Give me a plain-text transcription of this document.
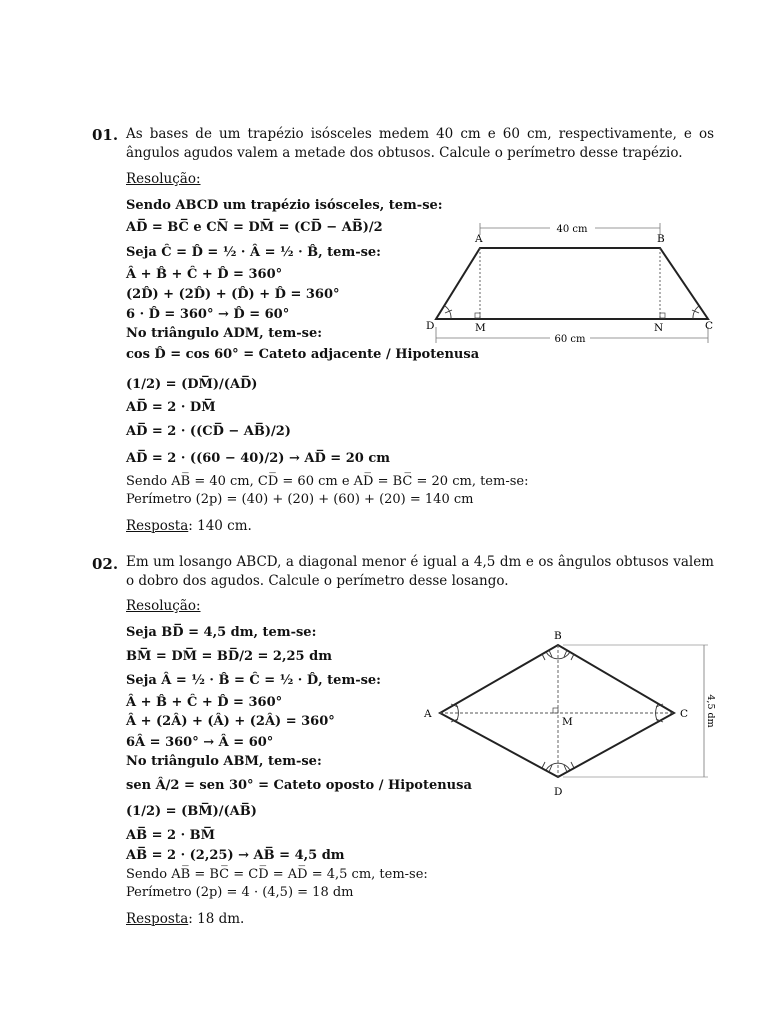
01. As bases de um trapézio isósceles medem 40 cm e 60 cm, respectivamente, e os ângulos agudos valem a metade dos obtusos. Calcule o perímetro desse trapézio.
Resolução:
Sendo ABCD um trapézio isósceles, tem-se:
AD̅ = BC̅ e CN̅ = DM̅ = (CD̅ − AB̅)/2
Seja Ĉ = D̂ = ½ · Â = ½ · B̂, tem-se:
Â + B̂ + Ĉ + D̂ = 360°
(2D̂) + (2D̂) + (D̂) + D̂ = 360°
6 · D̂ = 360° → D̂ = 60°
No triângulo ADM, tem-se:
cos D̂ = cos 60° = Cateto adjacente / Hipotenusa
(1/2) = (DM̅)/(AD̅)
AD̅ = 2 · DM̅
AD̅ = 2 · ((CD̅ − AB̅)/2)
AD̅ = 2 · ((60 − 40)/2) → AD̅ = 20 cm
Sendo AB̅ = 40 cm, CD̅ = 60 cm e AD̅ = BC̅ = 20 cm, tem-se:
Perímetro (2p) = (40) + (20) + (60) + (20) = 140 cm
Resposta: 140 cm.
40 cm
60 cm
A	B
C
D	M	N
02. Em um losango ABCD, a diagonal menor é igual a 4,5 dm e os ângulos obtusos valem o dobro dos agudos. Calcule o perímetro desse losango.
Resolução:
Seja BD̅ = 4,5 dm, tem-se:
BM̅ = DM̅ = BD̅/2 = 2,25 dm
Seja Â = ½ · B̂ = Ĉ = ½ · D̂, tem-se:
Â + B̂ + Ĉ + D̂ = 360°
Â + (2Â) + (Â) + (2Â) = 360°
6Â = 360° → Â = 60°
No triângulo ABM, tem-se:
sen Â/2 = sen 30° = Cateto oposto / Hipotenusa
(1/2) = (BM̅)/(AB̅)
AB̅ = 2 · BM̅
AB̅ = 2 · (2,25) → AB̅ = 4,5 dm
Sendo AB̅ = BC̅ = CD̅ = AD̅ = 4,5 cm, tem-se:
Perímetro (2p) = 4 · (4,5) = 18 dm
Resposta: 18 dm.
4,5 dm
A
B
C
D
M
